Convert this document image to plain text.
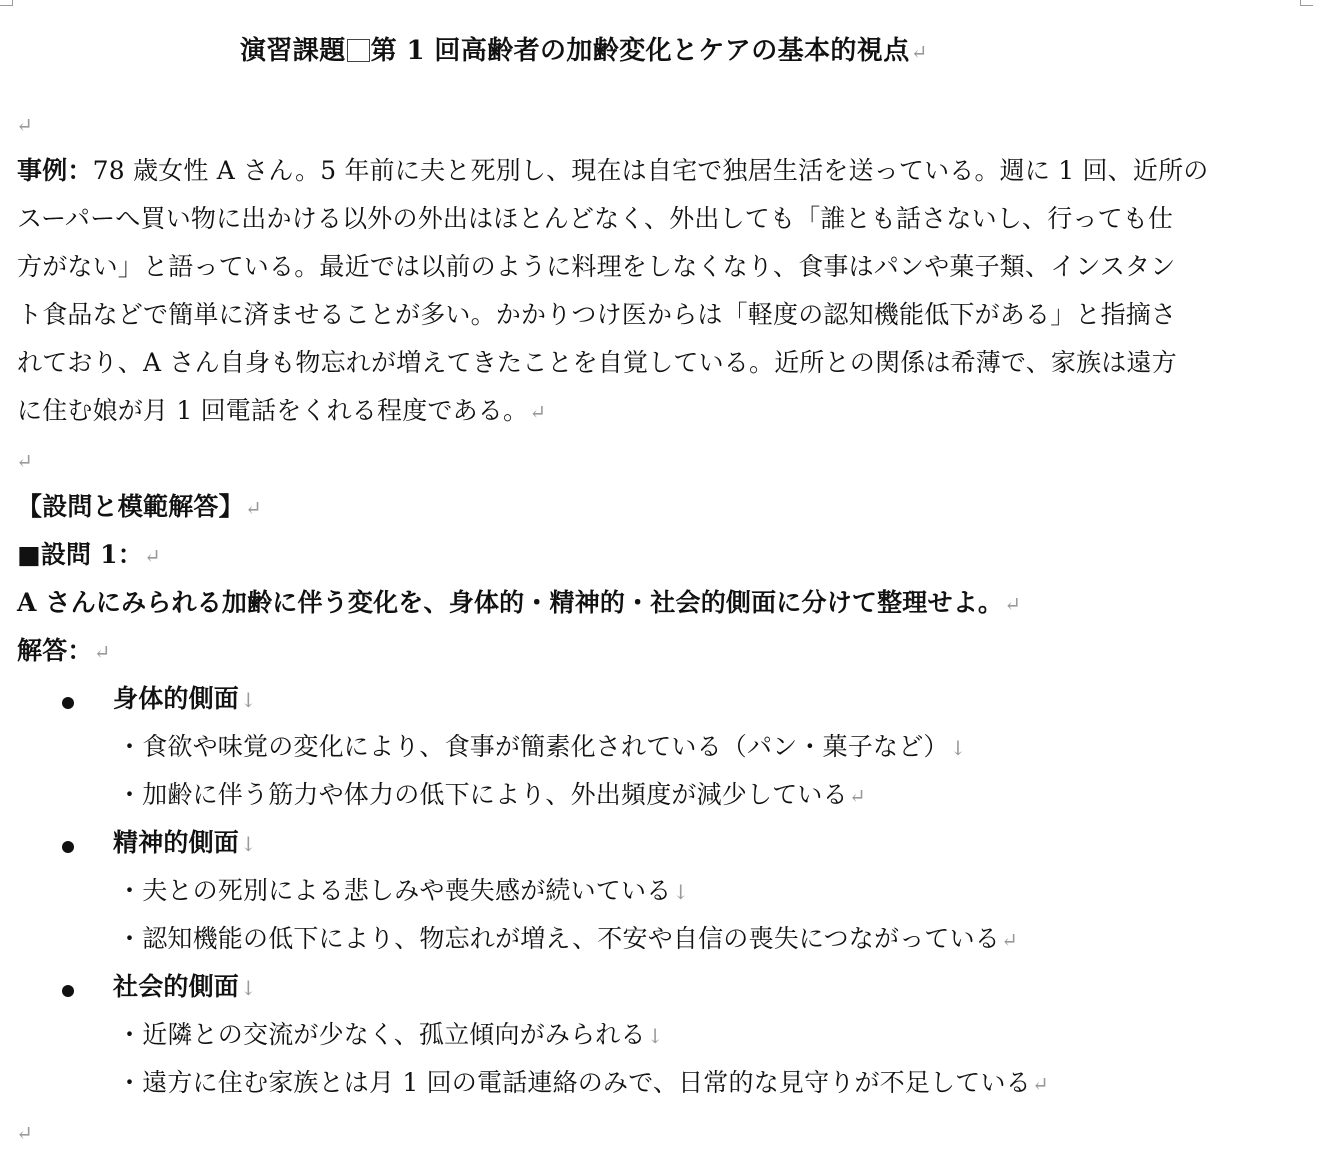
演習課題 第 1 回高齢者の加齢変化とケアの基本的視点↵
↵
事例：78 歳女性 A さん。5 年前に夫と死別し、現在は自宅で独居生活を送っている。週に 1 回、近所の
スーパーへ買い物に出かける以外の外出はほとんどなく、外出しても「誰とも話さないし、行っても仕
方がない」と語っている。最近では以前のように料理をしなくなり、食事はパンや菓子類、インスタン
ト食品などで簡単に済ませることが多い。かかりつけ医からは「軽度の認知機能低下がある」と指摘さ
れており、A さん自身も物忘れが増えてきたことを自覚している。近所との関係は希薄で、家族は遠方
に住む娘が月 1 回電話をくれる程度である。↵
↵
【設問と模範解答】↵
■設問 1：↵
A さんにみられる加齢に伴う変化を、身体的・精神的・社会的側面に分けて整理せよ。↵
解答：↵
身体的側面↓
・食欲や味覚の変化により、食事が簡素化されている（パン・菓子など）↓
・加齢に伴う筋力や体力の低下により、外出頻度が減少している↵
精神的側面↓
・夫との死別による悲しみや喪失感が続いている↓
・認知機能の低下により、物忘れが増え、不安や自信の喪失につながっている↵
社会的側面↓
・近隣との交流が少なく、孤立傾向がみられる↓
・遠方に住む家族とは月 1 回の電話連絡のみで、日常的な見守りが不足している↵
↵
